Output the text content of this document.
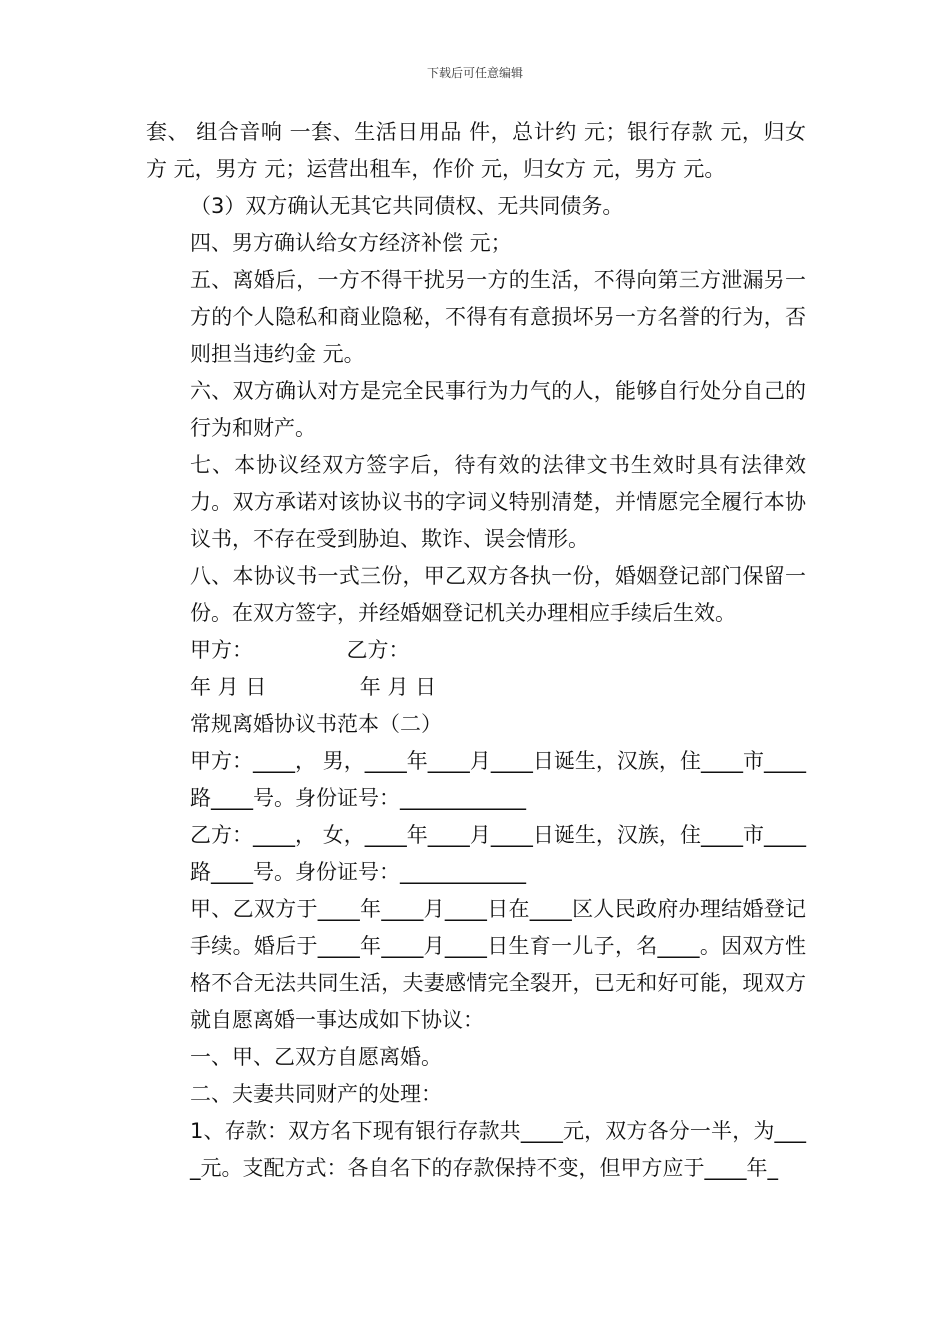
下载后可任意编辑

套、 组合音响 一套、生活日用品 件，总计约 元；银行存款 元，归女方 元，男方 元；运营出租车，作价 元，归女方 元，男方 元。

（3）双方确认无其它共同债权、无共同债务。

四、男方确认给女方经济补偿 元；

五、离婚后，一方不得干扰另一方的生活，不得向第三方泄漏另一方的个人隐私和商业隐秘，不得有有意损坏另一方名誉的行为，否则担当违约金 元。

六、双方确认对方是完全民事行为力气的人，能够自行处分自己的行为和财产。

七、本协议经双方签字后，待有效的法律文书生效时具有法律效力。双方承诺对该协议书的字词义特别清楚，并情愿完全履行本协议书，不存在受到胁迫、欺诈、误会情形。

八、本协议书一式三份，甲乙双方各执一份，婚姻登记部门保留一份。在双方签字，并经婚姻登记机关办理相应手续后生效。

甲方：              乙方：

年 月 日              年 月 日

常规离婚协议书范本（二）

甲方：____， 男，____年____月____日诞生，汉族，住____市____路____号。身份证号：____________

乙方：____， 女，____年____月____日诞生，汉族，住____市____路____号。身份证号：____________

甲、乙双方于____年____月____日在____区人民政府办理结婚登记手续。婚后于____年____月____日生育一儿子，名____。因双方性格不合无法共同生活，夫妻感情完全裂开，已无和好可能，现双方就自愿离婚一事达成如下协议：

一、甲、乙双方自愿离婚。

二、夫妻共同财产的处理：

1、存款：双方名下现有银行存款共____元，双方各分一半，为____元。支配方式：各自名下的存款保持不变，但甲方应于____年_
